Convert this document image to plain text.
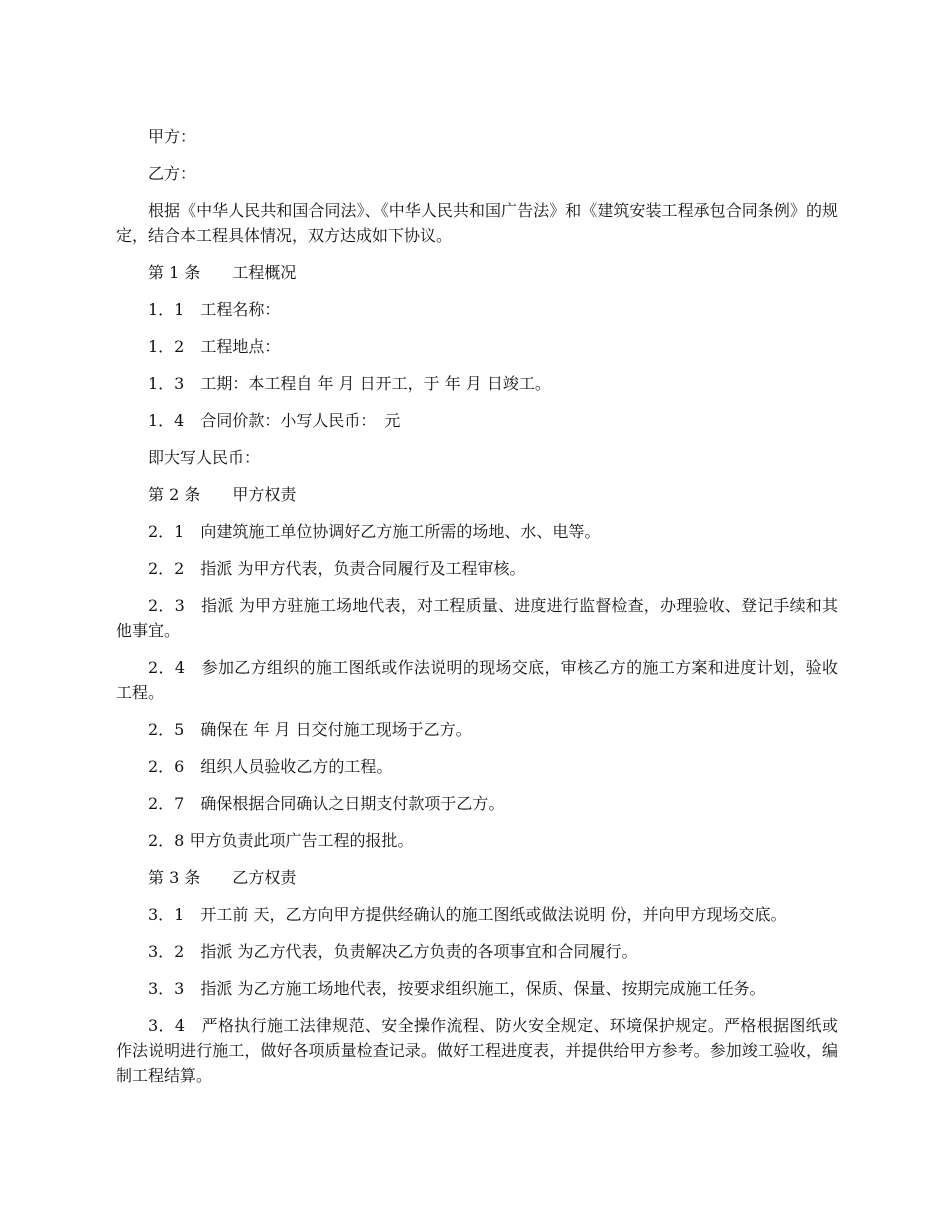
甲方：

乙方：

根据《中华人民共和国合同法》、《中华人民共和国广告法》和《建筑安装工程承包合同条例》的规定，结合本工程具体情况，双方达成如下协议。

第 1 条　　工程概况

1．1　工程名称：

1．2　工程地点：

1．3　工期：本工程自 年 月 日开工，于 年 月 日竣工。

1．4　合同价款：小写人民币：　元

即大写人民币：

第 2 条　　甲方权责

2．1　向建筑施工单位协调好乙方施工所需的场地、水、电等。

2．2　指派 为甲方代表，负责合同履行及工程审核。

2．3　指派 为甲方驻施工场地代表，对工程质量、进度进行监督检查，办理验收、登记手续和其他事宜。

2．4　参加乙方组织的施工图纸或作法说明的现场交底，审核乙方的施工方案和进度计划，验收工程。

2．5　确保在 年 月 日交付施工现场于乙方。

2．6　组织人员验收乙方的工程。

2．7　确保根据合同确认之日期支付款项于乙方。

2．8 甲方负责此项广告工程的报批。

第 3 条　　乙方权责

3．1　开工前 天，乙方向甲方提供经确认的施工图纸或做法说明 份，并向甲方现场交底。

3．2　指派 为乙方代表，负责解决乙方负责的各项事宜和合同履行。

3．3　指派 为乙方施工场地代表，按要求组织施工，保质、保量、按期完成施工任务。

3．4　严格执行施工法律规范、安全操作流程、防火安全规定、环境保护规定。严格根据图纸或作法说明进行施工，做好各项质量检查记录。做好工程进度表，并提供给甲方参考。参加竣工验收，编制工程结算。
